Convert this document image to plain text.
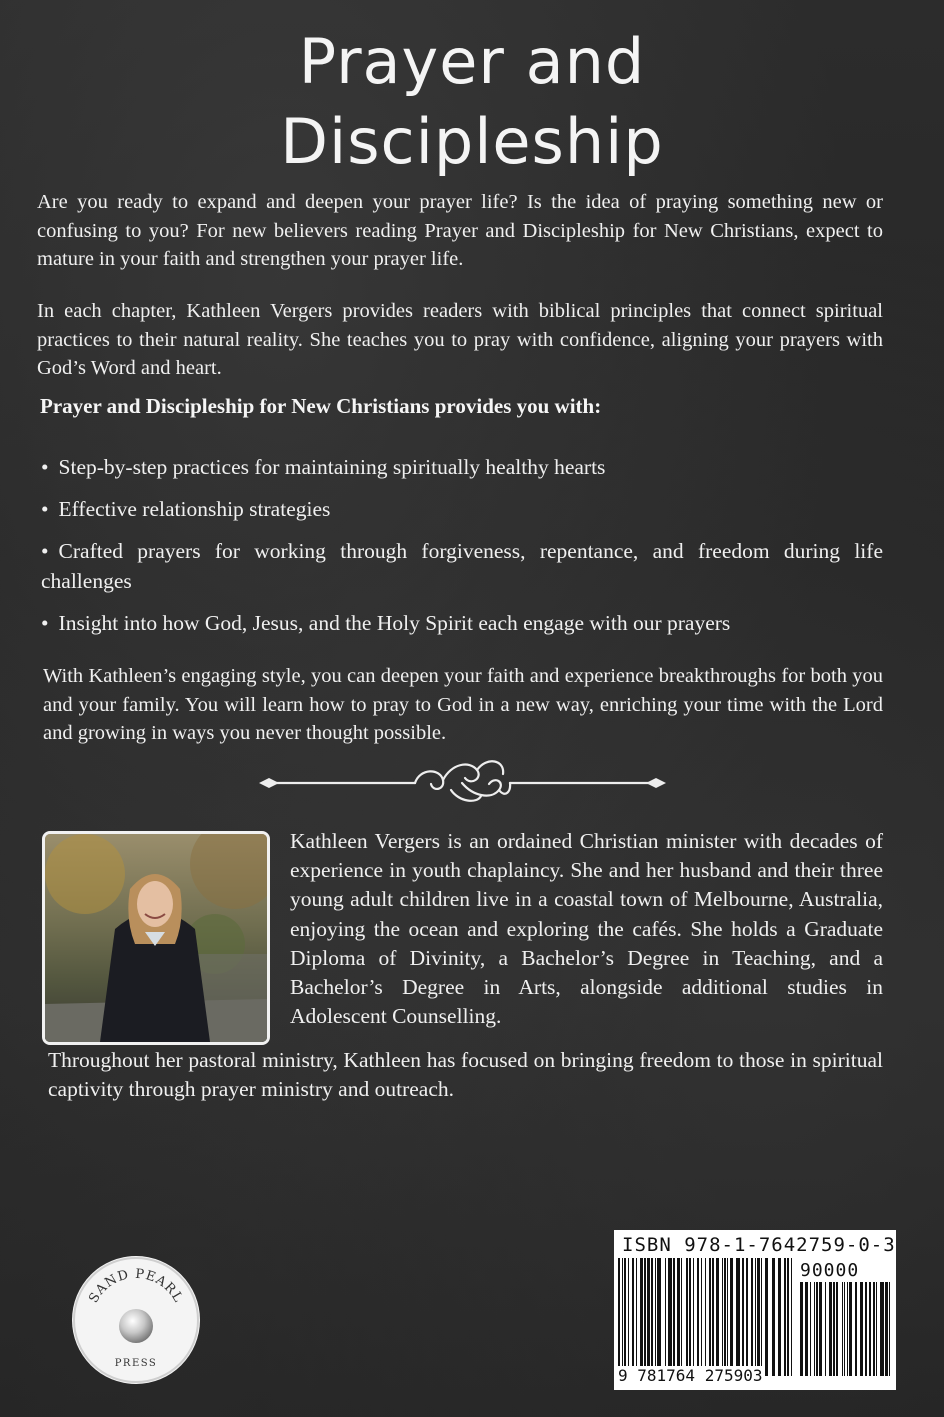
Prayer and
Discipleship

Are you ready to expand and deepen your prayer life? Is the idea of praying something new or confusing to you? For new believers reading Prayer and Discipleship for New Christians, expect to mature in your faith and strengthen your prayer life.

In each chapter, Kathleen Vergers provides readers with biblical principles that connect spiritual practices to their natural reality. She teaches you to pray with confidence, aligning your prayers with God’s Word and heart.

Prayer and Discipleship for New Christians provides you with:

• Step-by-step practices for maintaining spiritually healthy hearts
• Effective relationship strategies
• Crafted prayers for working through forgiveness, repentance, and freedom during life challenges
• Insight into how God, Jesus, and the Holy Spirit each engage with our prayers

With Kathleen’s engaging style, you can deepen your faith and experience breakthroughs for both you and your family. You will learn how to pray to God in a new way, enriching your time with the Lord and growing in ways you never thought possible.

Kathleen Vergers is an ordained Christian minister with decades of experience in youth chaplaincy. She and her husband and their three young adult children live in a coastal town of Melbourne, Australia, enjoying the ocean and exploring the cafés. She holds a Graduate Diploma of Divinity, a Bachelor’s Degree in Teaching, and a Bachelor’s Degree in Arts, alongside additional studies in Adolescent Counselling.

Throughout her pastoral ministry, Kathleen has focused on bringing freedom to those in spiritual captivity through prayer ministry and outreach.

SAND PEARL
PRESS
ISBN 978-1-7642759-0-3
90000
9 781764 275903
